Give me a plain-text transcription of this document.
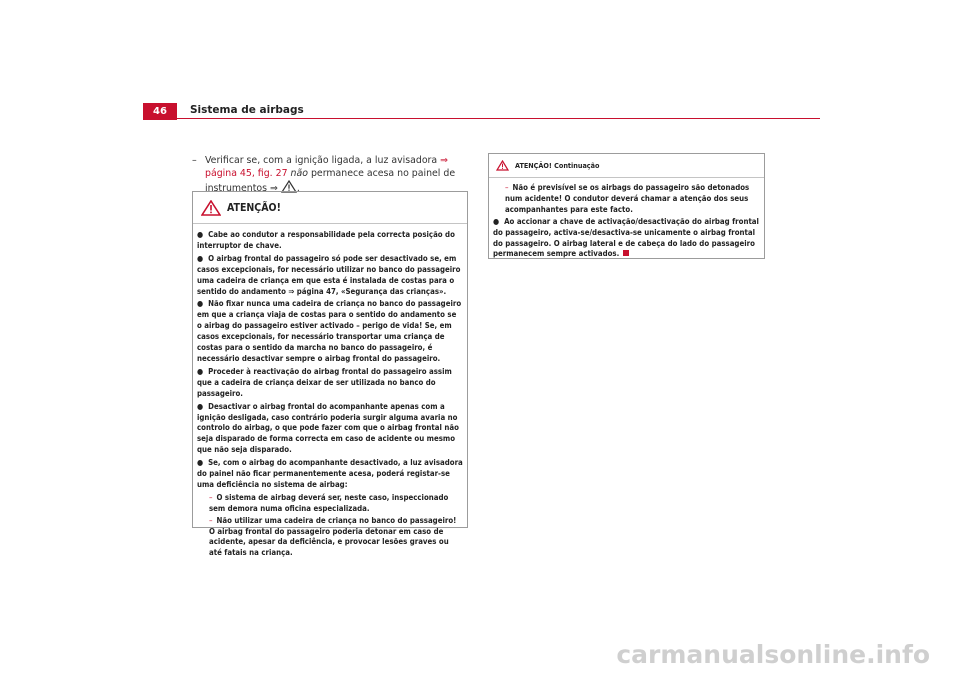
46	Sistema de airbags
– Verificar se, com a ignição ligada, a luz avisadora ⇒ página 45, fig. 27 não permanece acesa no painel de instrumentos ⇒ .
ATENÇÃO!
● Cabe ao condutor a responsabilidade pela correcta posição do interruptor de chave.
● O airbag frontal do passageiro só pode ser desactivado se, em casos excepcionais, for necessário utilizar no banco do passageiro uma cadeira de criança em que esta é instalada de costas para o sentido do andamento ⇒ página 47, «Segurança das crianças».
● Não fixar nunca uma cadeira de criança no banco do passageiro em que a criança viaja de costas para o sentido do andamento se o airbag do passageiro estiver activado – perigo de vida! Se, em casos excepcionais, for necessário transportar uma criança de costas para o sentido da marcha no banco do passageiro, é necessário desactivar sempre o airbag frontal do passageiro.
● Proceder à reactivação do airbag frontal do passageiro assim que a cadeira de criança deixar de ser utilizada no banco do passageiro.
● Desactivar o airbag frontal do acompanhante apenas com a ignição desligada, caso contrário poderia surgir alguma avaria no controlo do airbag, o que pode fazer com que o airbag frontal não seja disparado de forma correcta em caso de acidente ou mesmo que não seja disparado.
● Se, com o airbag do acompanhante desactivado, a luz avisadora do painel não ficar permanentemente acesa, poderá registar-se uma deficiência no sistema de airbag:
– O sistema de airbag deverá ser, neste caso, inspeccionado sem demora numa oficina especializada.
– Não utilizar uma cadeira de criança no banco do passageiro! O airbag frontal do passageiro poderia detonar em caso de acidente, apesar da deficiência, e provocar lesões graves ou até fatais na criança.
ATENÇÃO! Continuação
– Não é previsível se os airbags do passageiro são detonados num acidente! O condutor deverá chamar a atenção dos seus acompanhantes para este facto.
● Ao accionar a chave de activação/desactivação do airbag frontal do passageiro, activa-se/desactiva-se unicamente o airbag frontal do passageiro. O airbag lateral e de cabeça do lado do passageiro permanecem sempre activados.
carmanualsonline.info
